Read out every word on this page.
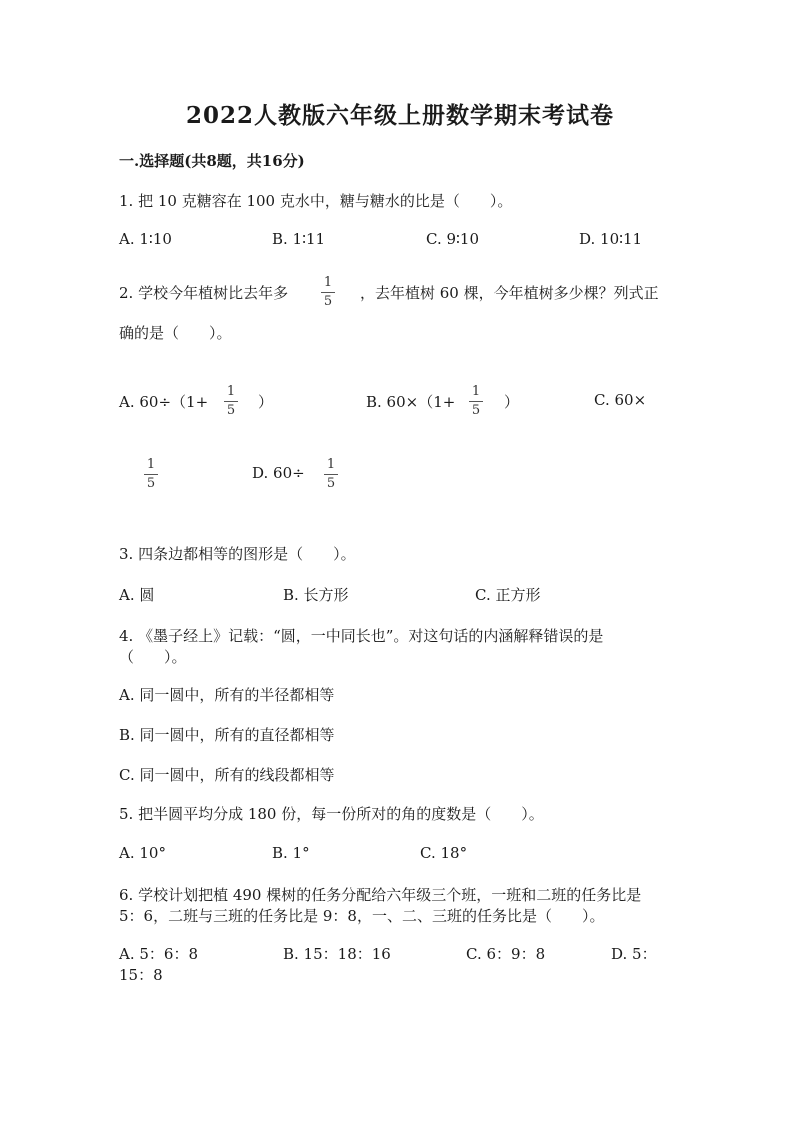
2022人教版六年级上册数学期末考试卷
一.选择题(共8题，共16分)
1. 把 10 克糖容在 100 克水中，糖与糖水的比是（　　）。
A. 1∶10	B. 1∶11	C. 9∶10	D. 10∶11
2. 学校今年植树比去年多
1
5 ，去年植树 60 棵，今年植树多少棵？列式正
确的是（　　）。
A. 60÷（1+
1
5 ）	B. 60×（1+
1
5 ）	C. 60×
1
5
D. 60÷ 1
5
3. 四条边都相等的图形是（　　）。
A. 圆	B. 长方形	C. 正方形
4. 《墨子经上》记载：“圆，一中同长也”。对这句话的内涵解释错误的是
（　　）。
A. 同一圆中，所有的半径都相等
B. 同一圆中，所有的直径都相等
C. 同一圆中，所有的线段都相等
5. 把半圆平均分成 180 份，每一份所对的角的度数是（　　）。
A. 10°	B. 1°	C. 18°
6. 学校计划把植 490 棵树的任务分配给六年级三个班，一班和二班的任务比是
5：6，二班与三班的任务比是 9：8，一、二、三班的任务比是（　　）。
A. 5：6：8	B. 15：18：16	C. 6：9：8	D. 5：
15：8
